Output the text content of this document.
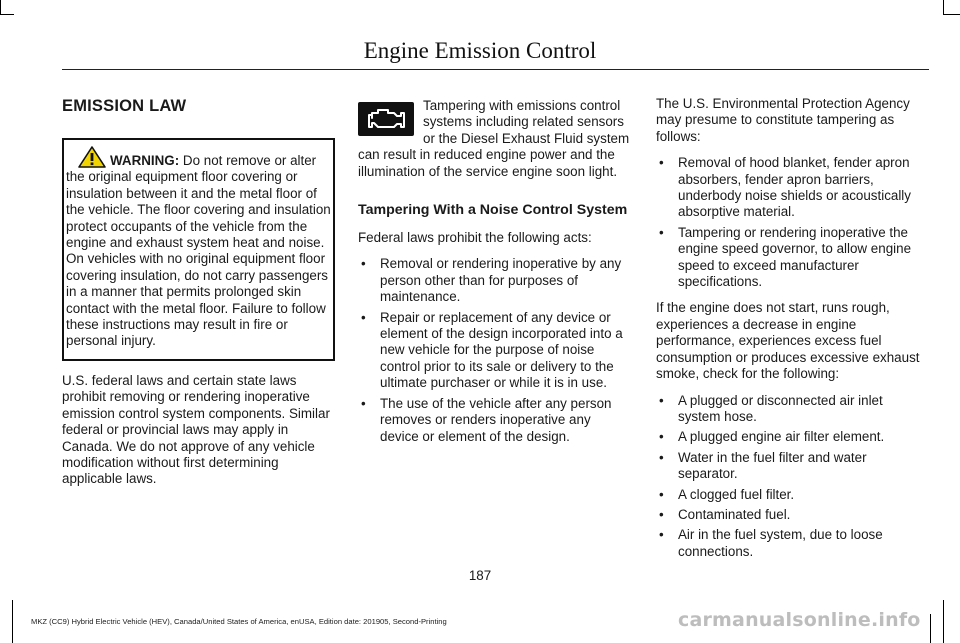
Engine Emission Control
EMISSION LAW
WARNING: Do not remove or alter the original equipment floor covering or insulation between it and the metal floor of the vehicle. The floor covering and insulation protect occupants of the vehicle from the engine and exhaust system heat and noise. On vehicles with no original equipment floor covering insulation, do not carry passengers in a manner that permits prolonged skin contact with the metal floor. Failure to follow these instructions may result in fire or personal injury.

U.S. federal laws and certain state laws prohibit removing or rendering inoperative emission control system components. Similar federal or provincial laws may apply in Canada. We do not approve of any vehicle modification without first determining applicable laws.

Tampering with emissions control systems including related sensors or the Diesel Exhaust Fluid system can result in reduced engine power and the illumination of the service engine soon light.
Tampering With a Noise Control System

Federal laws prohibit the following acts:

•	Removal or rendering inoperative by any person other than for purposes of maintenance.
•	Repair or replacement of any device or element of the design incorporated into a new vehicle for the purpose of noise control prior to its sale or delivery to the ultimate purchaser or while it is in use.
•	The use of the vehicle after any person removes or renders inoperative any device or element of the design.

The U.S. Environmental Protection Agency may presume to constitute tampering as follows:

•	Removal of hood blanket, fender apron absorbers, fender apron barriers, underbody noise shields or acoustically absorptive material.
•	Tampering or rendering inoperative the engine speed governor, to allow engine speed to exceed manufacturer specifications.

If the engine does not start, runs rough, experiences a decrease in engine performance, experiences excess fuel consumption or produces excessive exhaust smoke, check for the following:

•	A plugged or disconnected air inlet system hose.
•	A plugged engine air filter element.
•	Water in the fuel filter and water separator.
•	A clogged fuel filter.
•	Contaminated fuel.
•	Air in the fuel system, due to loose connections.
187
MKZ (CC9) Hybrid Electric Vehicle (HEV), Canada/United States of America, enUSA, Edition date: 201905, Second-Printing	carmanualsonline.info
